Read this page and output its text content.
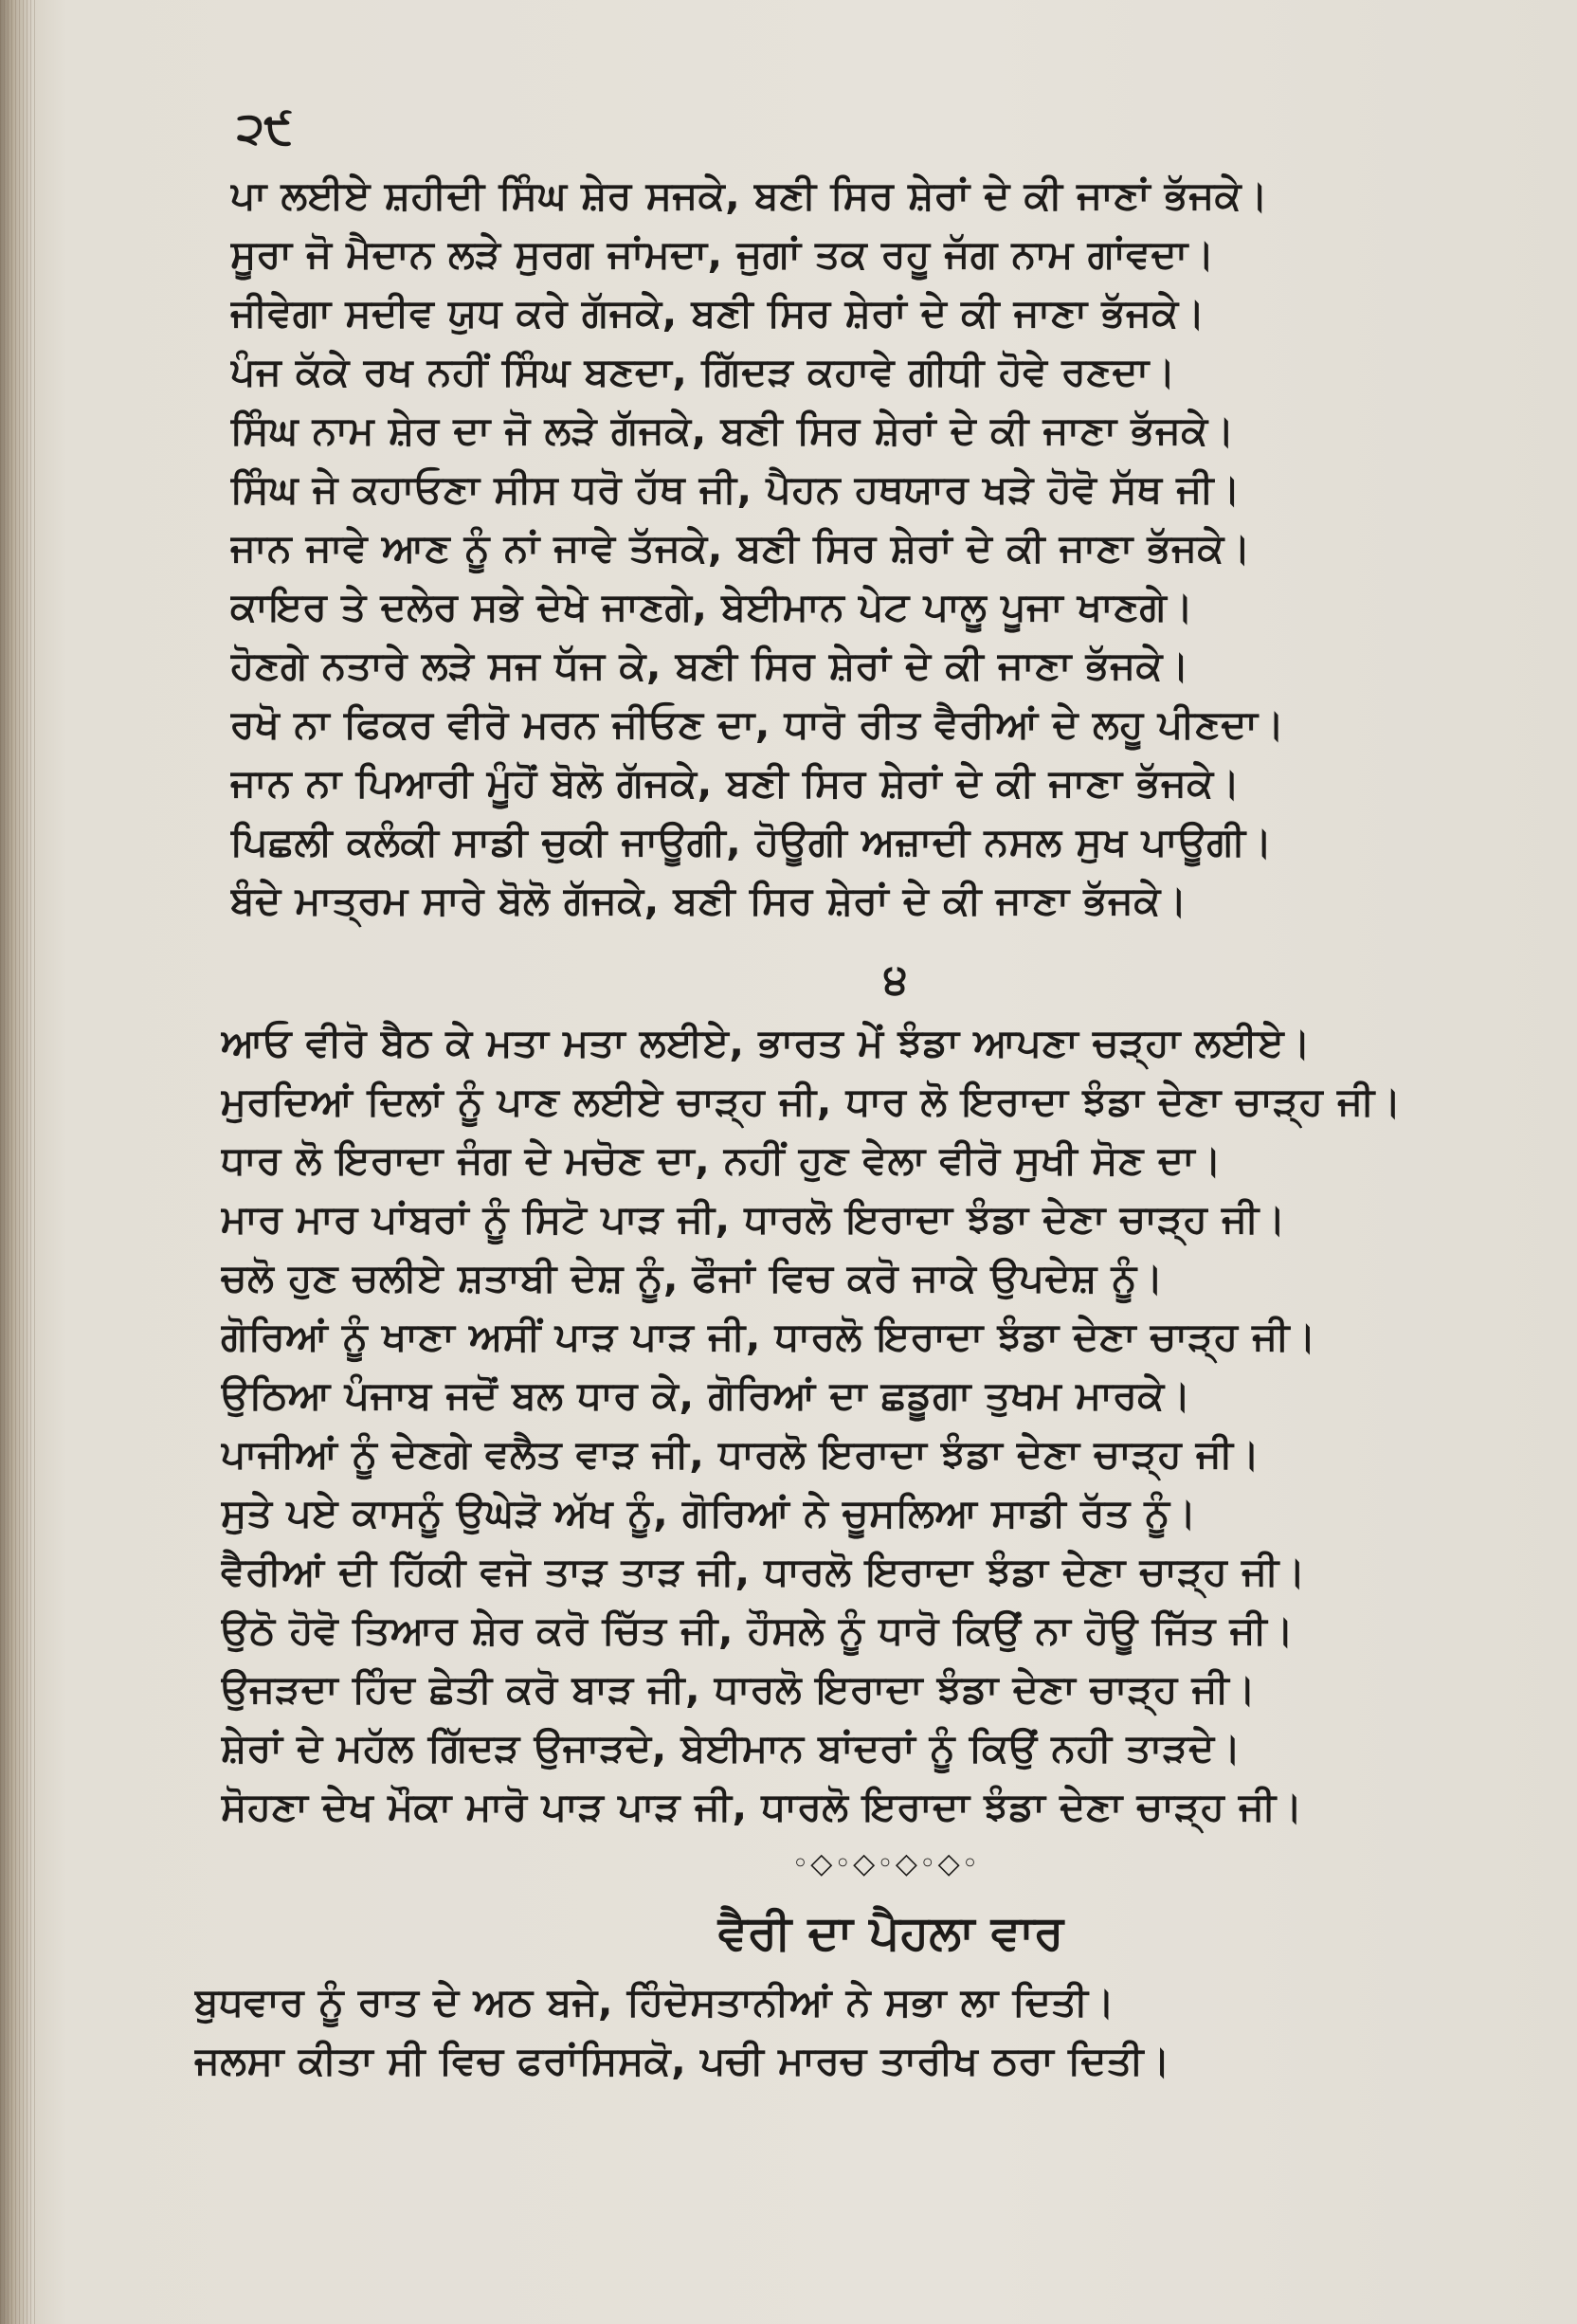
੨੯
ਪਾ ਲਈਏ ਸ਼ਹੀਦੀ ਸਿੰਘ ਸ਼ੇਰ ਸਜਕੇ, ਬਣੀ ਸਿਰ ਸ਼ੇਰਾਂ ਦੇ ਕੀ ਜਾਣਾਂ ਭੱਜਕੇ।
ਸੂਰਾ ਜੋ ਮੈਦਾਨ ਲੜੇ ਸੁਰਗ ਜਾਂਮਦਾ, ਜੁਗਾਂ ਤਕ ਰਹੂ ਜੱਗ ਨਾਮ ਗਾਂਵਦਾ।
ਜੀਵੇਗਾ ਸਦੀਵ ਯੁਧ ਕਰੇ ਗੱਜਕੇ, ਬਣੀ ਸਿਰ ਸ਼ੇਰਾਂ ਦੇ ਕੀ ਜਾਣਾ ਭੱਜਕੇ।
ਪੰਜ ਕੱਕੇ ਰਖ ਨਹੀਂ ਸਿੰਘ ਬਣਦਾ, ਗਿੱਦੜ ਕਹਾਵੇ ਗੀਧੀ ਹੋਵੇ ਰਣਦਾ।
ਸਿੰਘ ਨਾਮ ਸ਼ੇਰ ਦਾ ਜੋ ਲੜੇ ਗੱਜਕੇ, ਬਣੀ ਸਿਰ ਸ਼ੇਰਾਂ ਦੇ ਕੀ ਜਾਣਾ ਭੱਜਕੇ।
ਸਿੰਘ ਜੇ ਕਹਾਓਣਾ ਸੀਸ ਧਰੋ ਹੱਥ ਜੀ, ਪੈਹਨ ਹਥਯਾਰ ਖੜੇ ਹੋਵੋ ਸੱਥ ਜੀ।
ਜਾਨ ਜਾਵੇ ਆਣ ਨੂੰ ਨਾਂ ਜਾਵੇ ਤੱਜਕੇ, ਬਣੀ ਸਿਰ ਸ਼ੇਰਾਂ ਦੇ ਕੀ ਜਾਣਾ ਭੱਜਕੇ।
ਕਾਇਰ ਤੇ ਦਲੇਰ ਸਭੇ ਦੇਖੇ ਜਾਣਗੇ, ਬੇਈਮਾਨ ਪੇਟ ਪਾਲੂ ਪੂਜਾ ਖਾਣਗੇ।
ਹੋਣਗੇ ਨਤਾਰੇ ਲੜੇ ਸਜ ਧੱਜ ਕੇ, ਬਣੀ ਸਿਰ ਸ਼ੇਰਾਂ ਦੇ ਕੀ ਜਾਣਾ ਭੱਜਕੇ।
ਰਖੋ ਨਾ ਫਿਕਰ ਵੀਰੋ ਮਰਨ ਜੀਓਣ ਦਾ, ਧਾਰੋ ਰੀਤ ਵੈਰੀਆਂ ਦੇ ਲਹੂ ਪੀਣਦਾ।
ਜਾਨ ਨਾ ਪਿਆਰੀ ਮੂੰਹੋਂ ਬੋਲੋ ਗੱਜਕੇ, ਬਣੀ ਸਿਰ ਸ਼ੇਰਾਂ ਦੇ ਕੀ ਜਾਣਾ ਭੱਜਕੇ।
ਪਿਛਲੀ ਕਲੰਕੀ ਸਾਡੀ ਚੁਕੀ ਜਾਊਗੀ, ਹੋਊਗੀ ਅਜ਼ਾਦੀ ਨਸਲ ਸੁਖ ਪਾਊਗੀ।
ਬੰਦੇ ਮਾਤ੍ਰਮ ਸਾਰੇ ਬੋਲੋ ਗੱਜਕੇ, ਬਣੀ ਸਿਰ ਸ਼ੇਰਾਂ ਦੇ ਕੀ ਜਾਣਾ ਭੱਜਕੇ।
੪
ਆਓ ਵੀਰੋ ਬੈਠ ਕੇ ਮਤਾ ਮਤਾ ਲਈਏ, ਭਾਰਤ ਮੇਂ ਝੰਡਾ ਆਪਣਾ ਚੜ੍ਹਾ ਲਈਏ।
ਮੁਰਦਿਆਂ ਦਿਲਾਂ ਨੂੰ ਪਾਣ ਲਈਏ ਚਾੜ੍ਹ ਜੀ, ਧਾਰ ਲੋ ਇਰਾਦਾ ਝੰਡਾ ਦੇਣਾ ਚਾੜ੍ਹ ਜੀ।
ਧਾਰ ਲੋ ਇਰਾਦਾ ਜੰਗ ਦੇ ਮਚੋਣ ਦਾ, ਨਹੀਂ ਹੁਣ ਵੇਲਾ ਵੀਰੋ ਸੁਖੀ ਸੋਣ ਦਾ।
ਮਾਰ ਮਾਰ ਪਾਂਬਰਾਂ ਨੂੰ ਸਿਟੋ ਪਾੜ ਜੀ, ਧਾਰਲੋ ਇਰਾਦਾ ਝੰਡਾ ਦੇਣਾ ਚਾੜ੍ਹ ਜੀ।
ਚਲੋ ਹੁਣ ਚਲੀਏ ਸ਼ਤਾਬੀ ਦੇਸ਼ ਨੂੰ, ਫੌਜਾਂ ਵਿਚ ਕਰੋ ਜਾਕੇ ਉਪਦੇਸ਼ ਨੂੰ।
ਗੋਰਿਆਂ ਨੂੰ ਖਾਣਾ ਅਸੀਂ ਪਾੜ ਪਾੜ ਜੀ, ਧਾਰਲੋ ਇਰਾਦਾ ਝੰਡਾ ਦੇਣਾ ਚਾੜ੍ਹ ਜੀ।
ਉਠਿਆ ਪੰਜਾਬ ਜਦੋਂ ਬਲ ਧਾਰ ਕੇ, ਗੋਰਿਆਂ ਦਾ ਛਡੂਗਾ ਤੁਖਮ ਮਾਰਕੇ।
ਪਾਜੀਆਂ ਨੂੰ ਦੇਣਗੇ ਵਲੈਤ ਵਾੜ ਜੀ, ਧਾਰਲੋ ਇਰਾਦਾ ਝੰਡਾ ਦੇਣਾ ਚਾੜ੍ਹ ਜੀ।
ਸੁਤੇ ਪਏ ਕਾਸਨੂੰ ਉਘੇੜੋ ਅੱਖ ਨੂੰ, ਗੋਰਿਆਂ ਨੇ ਚੂਸਲਿਆ ਸਾਡੀ ਰੱਤ ਨੂੰ।
ਵੈਰੀਆਂ ਦੀ ਹਿੱਕੀ ਵਜੋ ਤਾੜ ਤਾੜ ਜੀ, ਧਾਰਲੋ ਇਰਾਦਾ ਝੰਡਾ ਦੇਣਾ ਚਾੜ੍ਹ ਜੀ।
ਉਠੋ ਹੋਵੋ ਤਿਆਰ ਸ਼ੇਰ ਕਰੋ ਚਿੱਤ ਜੀ, ਹੌਸਲੇ ਨੂੰ ਧਾਰੋ ਕਿਉਂ ਨਾ ਹੋਊ ਜਿੱਤ ਜੀ।
ਉਜੜਦਾ ਹਿੰਦ ਛੇਤੀ ਕਰੋ ਬਾੜ ਜੀ, ਧਾਰਲੋ ਇਰਾਦਾ ਝੰਡਾ ਦੇਣਾ ਚਾੜ੍ਹ ਜੀ।
ਸ਼ੇਰਾਂ ਦੇ ਮਹੱਲ ਗਿੱਦੜ ਉਜਾੜਦੇ, ਬੇਈਮਾਨ ਬਾਂਦਰਾਂ ਨੂੰ ਕਿਉਂ ਨਹੀ ਤਾੜਦੇ।
ਸੋਹਣਾ ਦੇਖ ਮੌਕਾ ਮਾਰੋ ਪਾੜ ਪਾੜ ਜੀ, ਧਾਰਲੋ ਇਰਾਦਾ ਝੰਡਾ ਦੇਣਾ ਚਾੜ੍ਹ ਜੀ।
◦◇◦◇◦◇◦◇◦
ਵੈਰੀ ਦਾ ਪੈਹਲਾ ਵਾਰ
ਬੁਧਵਾਰ ਨੂੰ ਰਾਤ ਦੇ ਅਠ ਬਜੇ, ਹਿੰਦੋਸਤਾਨੀਆਂ ਨੇ ਸਭਾ ਲਾ ਦਿਤੀ।
ਜਲਸਾ ਕੀਤਾ ਸੀ ਵਿਚ ਫਰਾਂਸਿਸਕੋ, ਪਚੀ ਮਾਰਚ ਤਾਰੀਖ ਠਰਾ ਦਿਤੀ।
